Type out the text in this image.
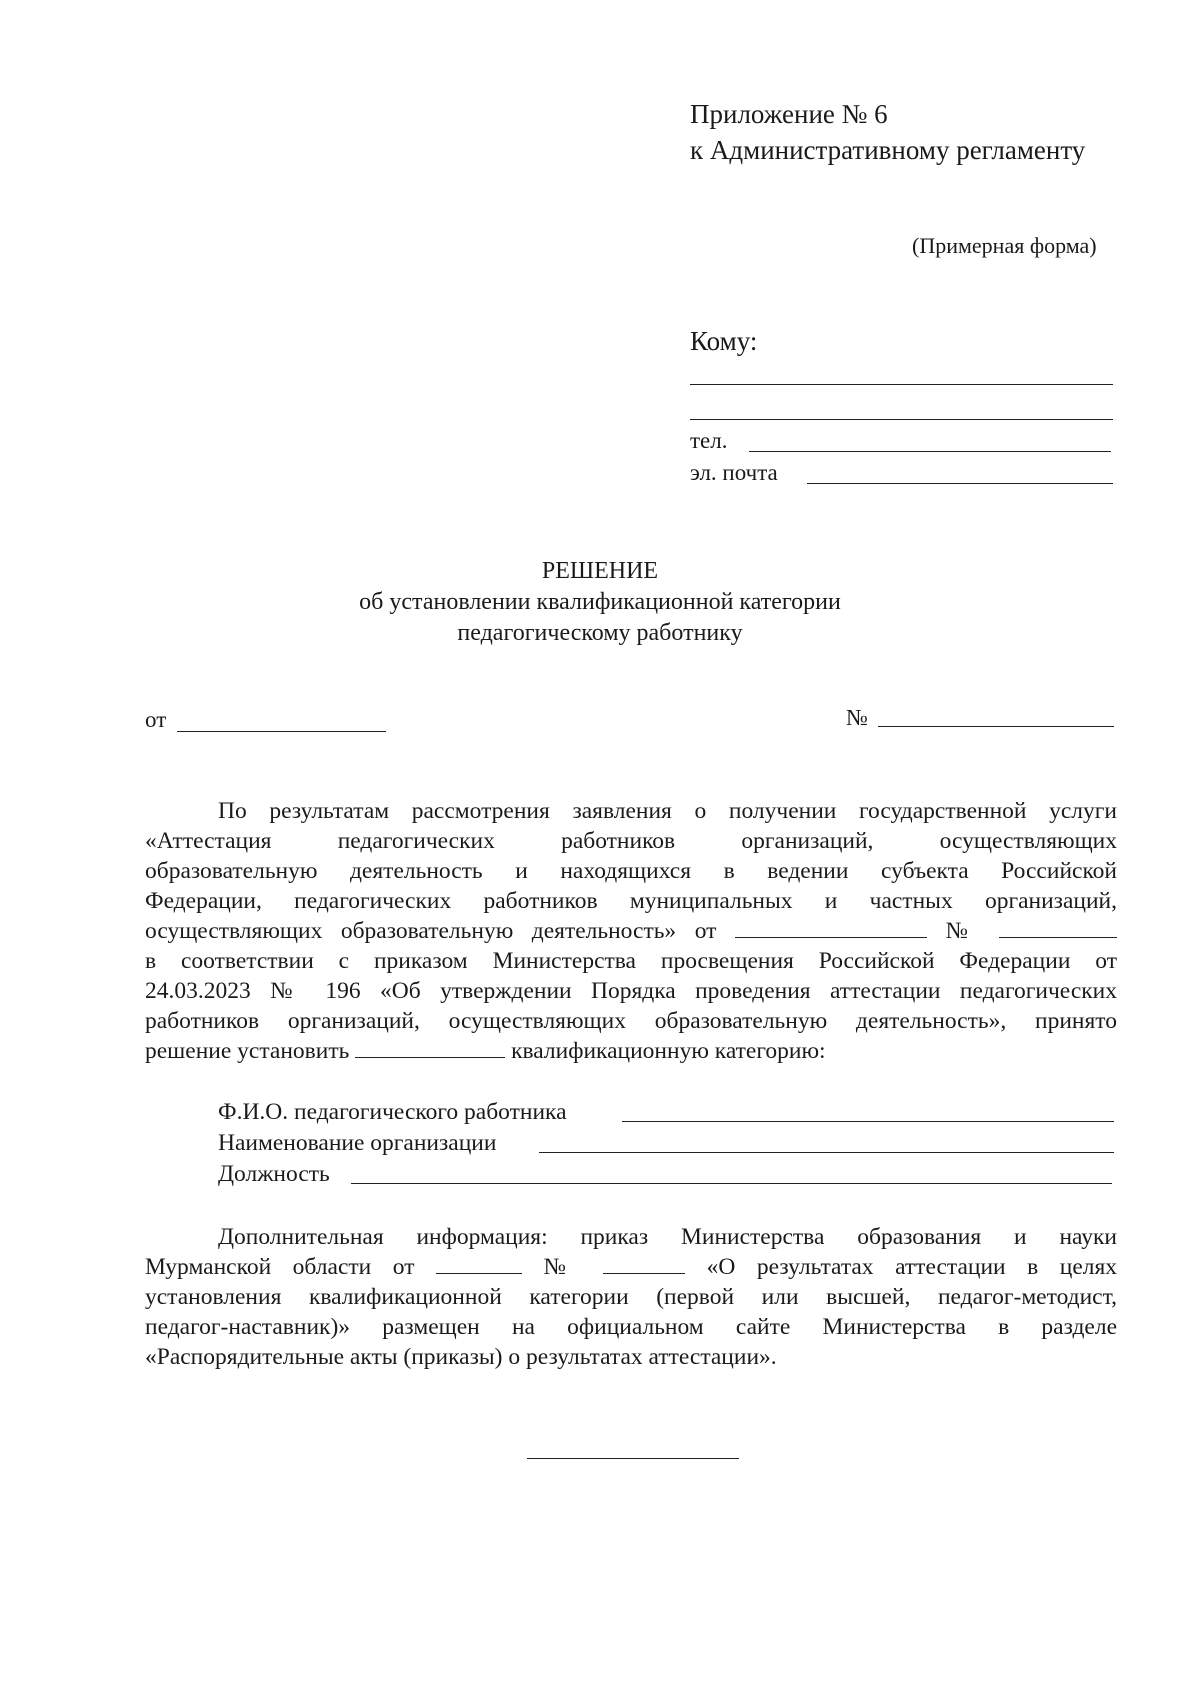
Приложение № 6
к Административному регламенту
(Примерная форма)
Кому:
тел.
эл. почта
РЕШЕНИЕ
об установлении квалификационной категории
педагогическому работнику
от	№
По результатам рассмотрения заявления о получении государственной услуги
«Аттестация педагогических работников организаций, осуществляющих
образовательную деятельность и находящихся в ведении субъекта Российской
Федерации, педагогических работников муниципальных и частных организаций,
осуществляющих образовательную деятельность» от	№
в соответствии с приказом Министерства просвещения Российской Федерации от
24.03.2023 № 196 «Об утверждении Порядка проведения аттестации педагогических
работников организаций, осуществляющих образовательную деятельность», принято
решение установить	квалификационную категорию:
Ф.И.О. педагогического работника
Наименование организации
Должность
Дополнительная информация: приказ Министерства образования и науки
Мурманской области от	№	«О результатах аттестации в целях
установления квалификационной категории (первой или высшей, педагог-методист,
педагог-наставник)» размещен на официальном сайте Министерства в разделе
«Распорядительные акты (приказы) о результатах аттестации».
